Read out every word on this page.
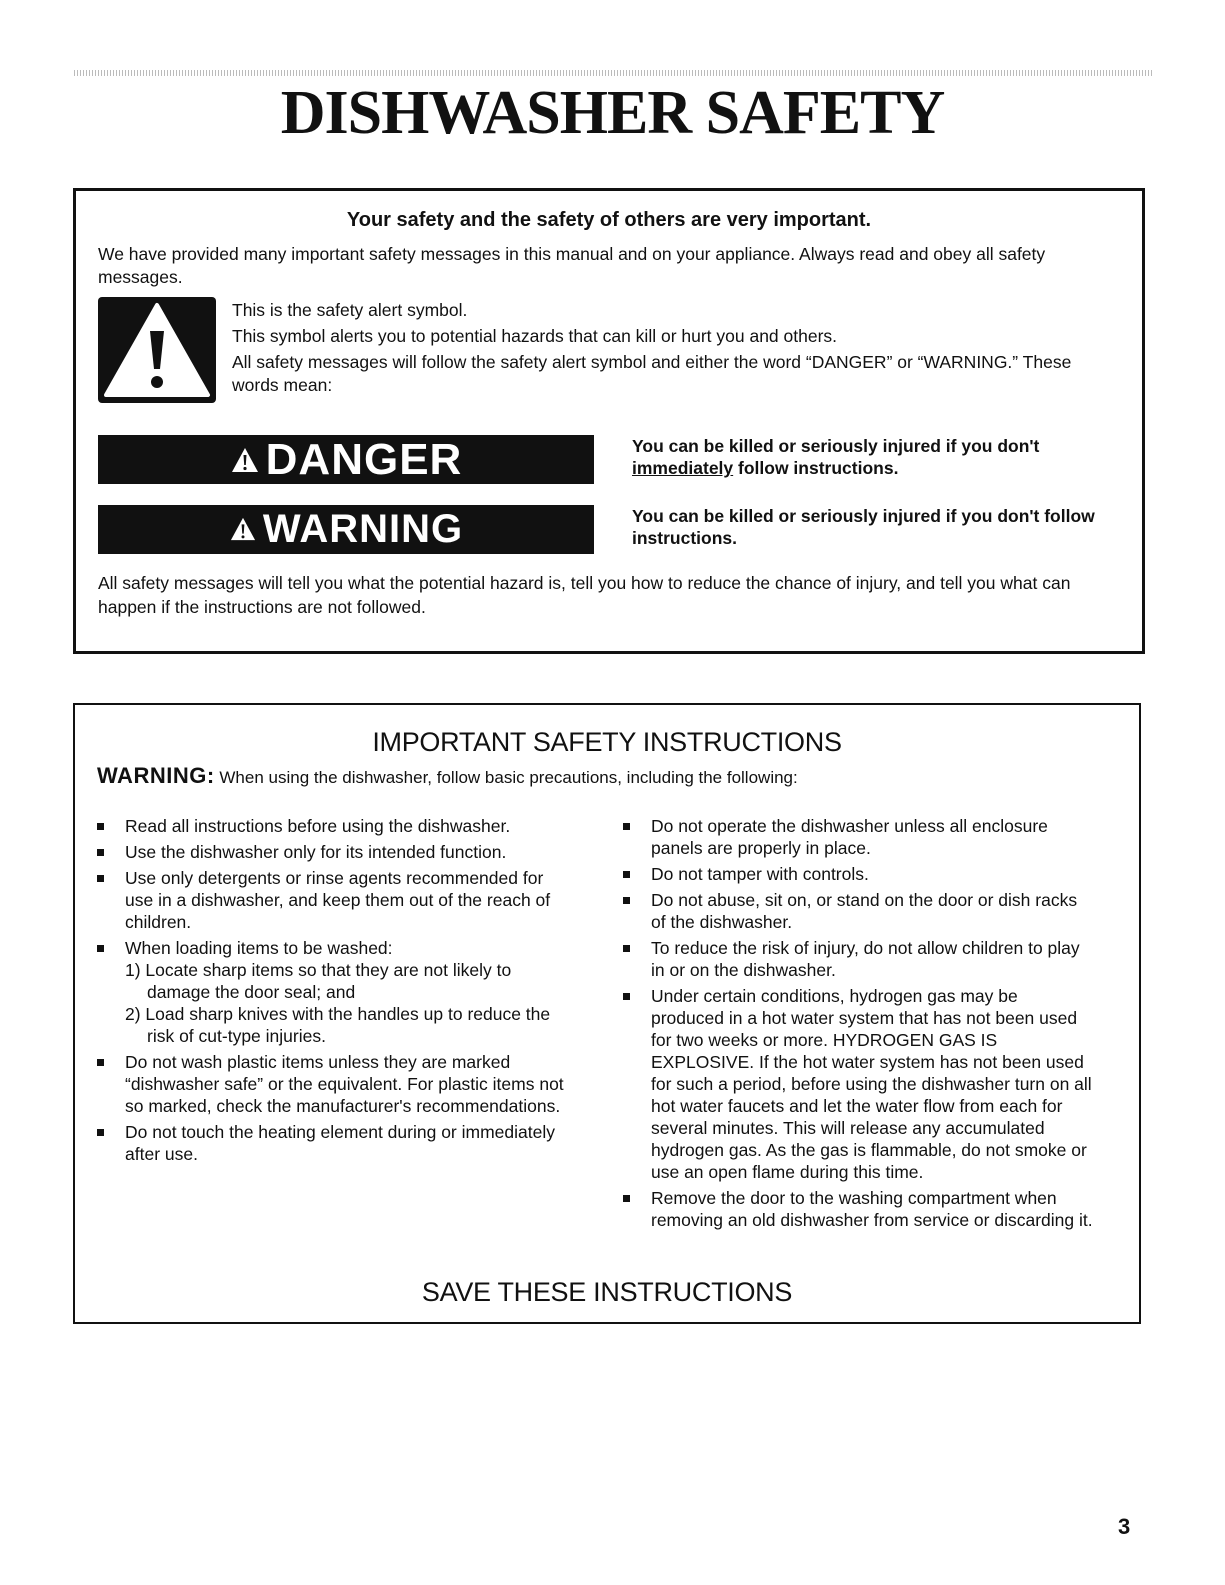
DISHWASHER SAFETY
Your safety and the safety of others are very important.

We have provided many important safety messages in this manual and on your appliance. Always read and obey all safety messages.

This is the safety alert symbol.

This symbol alerts you to potential hazards that can kill or hurt you and others.

All safety messages will follow the safety alert symbol and either the word “DANGER” or “WARNING.” These words mean:

DANGER	You can be killed or seriously injured if you don't immediately follow instructions.
WARNING	You can be killed or seriously injured if you don't follow instructions.

All safety messages will tell you what the potential hazard is, tell you how to reduce the chance of injury, and tell you what can happen if the instructions are not followed.

IMPORTANT SAFETY INSTRUCTIONS
WARNING: When using the dishwasher, follow basic precautions, including the following:
Read all instructions before using the dishwasher.
Use the dishwasher only for its intended function.
Use only detergents or rinse agents recommended for use in a dishwasher, and keep them out of the reach of children.
When loading items to be washed:
1) Locate sharp items so that they are not likely to damage the door seal; and
2) Load sharp knives with the handles up to reduce the risk of cut-type injuries.
Do not wash plastic items unless they are marked “dishwasher safe” or the equivalent. For plastic items not so marked, check the manufacturer's recommendations.
Do not touch the heating element during or immediately after use.
Do not operate the dishwasher unless all enclosure panels are properly in place.
Do not tamper with controls.
Do not abuse, sit on, or stand on the door or dish racks of the dishwasher.
To reduce the risk of injury, do not allow children to play in or on the dishwasher.
Under certain conditions, hydrogen gas may be produced in a hot water system that has not been used for two weeks or more. HYDROGEN GAS IS EXPLOSIVE. If the hot water system has not been used for such a period, before using the dishwasher turn on all hot water faucets and let the water flow from each for several minutes. This will release any accumulated hydrogen gas. As the gas is flammable, do not smoke or use an open flame during this time.
Remove the door to the washing compartment when removing an old dishwasher from service or discarding it.
SAVE THESE INSTRUCTIONS
3
